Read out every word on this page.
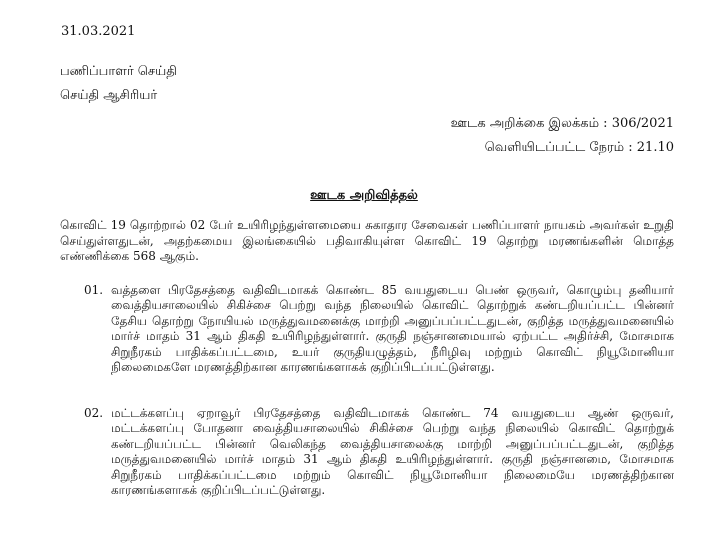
31.03.2021
பணிப்பாளர் செய்தி
செய்தி ஆசிரியர்
ஊடக அறிக்கை இலக்கம் : 306/2021
வெளியிடப்பட்ட நேரம் : 21.10
ஊடக அறிவித்தல்
கொவிட் 19 தொற்றால் 02 பேர் உயிரிழந்துள்ளமையை சுகாதார சேவைகள் பணிப்பாளர் நாயகம் அவர்கள் உறுதி செய்துள்ளதுடன், அதற்கமைய இலங்கையில் பதிவாகியுள்ள கொவிட் 19 தொற்று மரணங்களின் மொத்த எண்ணிக்கை 568 ஆகும்.
01. வத்தளை பிரதேசத்தை வதிவிடமாகக் கொண்ட 85 வயதுடைய பெண் ஒருவர், கொழும்பு தனியார் வைத்தியசாலையில் சிகிச்சை பெற்று வந்த நிலையில் கொவிட் தொற்றுக் கண்டறியப்பட்ட பின்னர் தேசிய தொற்று நோயியல் மருத்துவமனைக்கு மாற்றி அனுப்பப்பட்டதுடன், குறித்த மருத்துவமனையில் மார்ச் மாதம் 31 ஆம் திகதி உயிரிழந்துள்ளார். குருதி நஞ்சானமையால் ஏற்பட்ட அதிர்ச்சி, மோசமாக சிறுநீரகம் பாதிக்கப்பட்டமை, உயர் குருதியழுத்தம், நீரிழிவு மற்றும் கொவிட் நியூமோனியா நிலைமைகளே மரணத்திற்கான காரணங்களாகக் குறிப்பிடப்பட்டுள்ளது.
02. மட்டக்களப்பு ஏறாவூர் பிரதேசத்தை வதிவிடமாகக் கொண்ட 74 வயதுடைய ஆண் ஒருவர், மட்டக்களப்பு போதனா வைத்தியசாலையில் சிகிச்சை பெற்று வந்த நிலையில் கொவிட் தொற்றுக் கண்டறியப்பட்ட பின்னர் வெலிகந்த வைத்தியசாலைக்கு மாற்றி அனுப்பப்பட்டதுடன், குறித்த மருத்துவமனையில் மார்ச் மாதம் 31 ஆம் திகதி உயிரிழந்துள்ளார். குருதி நஞ்சானமை, மோசமாக சிறுநீரகம் பாதிக்கப்பட்டமை மற்றும் கொவிட் நியூமோனியா நிலைமையே மரணத்திற்கான காரணங்களாகக் குறிப்பிடப்பட்டுள்ளது.
